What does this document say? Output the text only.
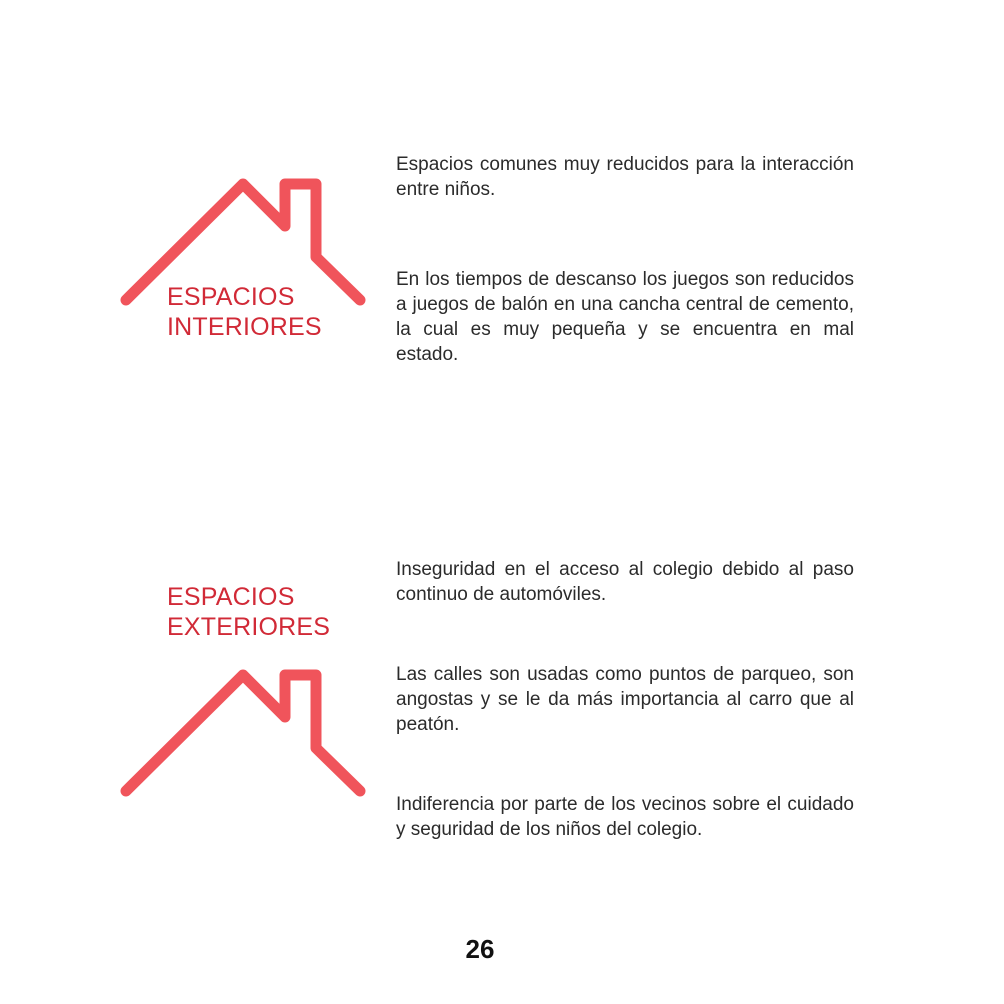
ESPACIOS
INTERIORES

Espacios comunes muy reducidos para la interacción entre niños.

En los tiempos de descanso los juegos son reducidos a juegos de balón en una cancha central de cemento, la cual es muy pequeña y se encuentra en mal estado.

ESPACIOS
EXTERIORES

Inseguridad en el acceso al colegio debido al paso continuo de automóviles.

Las calles son usadas como puntos de parqueo, son angostas y se le da más importancia al carro que al peatón.

Indiferencia por parte de los vecinos sobre el cuidado y seguridad de los niños del colegio.

26
